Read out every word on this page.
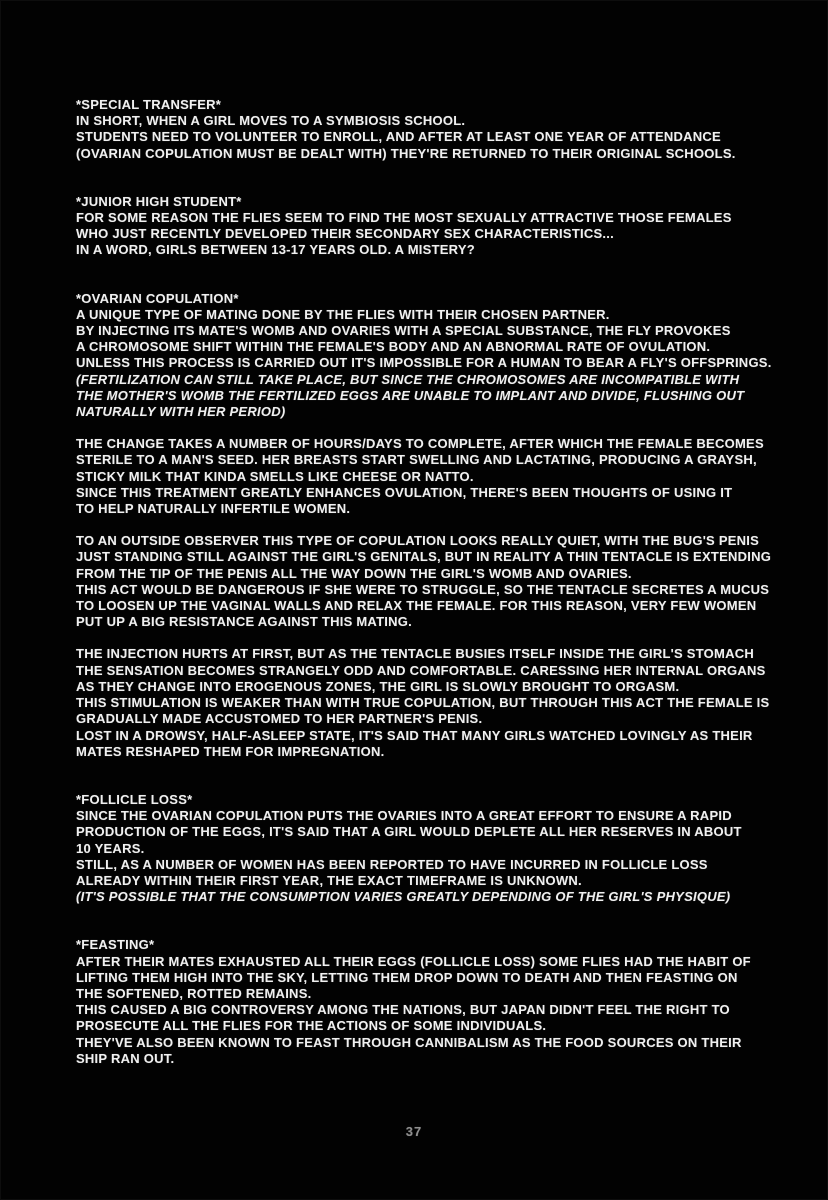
*SPECIAL TRANSFER*
IN SHORT, WHEN A GIRL MOVES TO A SYMBIOSIS SCHOOL.
STUDENTS NEED TO VOLUNTEER TO ENROLL, AND AFTER AT LEAST ONE YEAR OF ATTENDANCE
(OVARIAN COPULATION MUST BE DEALT WITH) THEY'RE RETURNED TO THEIR ORIGINAL SCHOOLS.
*JUNIOR HIGH STUDENT*
FOR SOME REASON THE FLIES SEEM TO FIND THE MOST SEXUALLY ATTRACTIVE THOSE FEMALES
WHO JUST RECENTLY DEVELOPED THEIR SECONDARY SEX CHARACTERISTICS...
IN A WORD, GIRLS BETWEEN 13-17 YEARS OLD. A MISTERY?
*OVARIAN COPULATION*
A UNIQUE TYPE OF MATING DONE BY THE FLIES WITH THEIR CHOSEN PARTNER.
BY INJECTING ITS MATE'S WOMB AND OVARIES WITH A SPECIAL SUBSTANCE, THE FLY PROVOKES
A CHROMOSOME SHIFT WITHIN THE FEMALE'S BODY AND AN ABNORMAL RATE OF OVULATION.
UNLESS THIS PROCESS IS CARRIED OUT IT'S IMPOSSIBLE FOR A HUMAN TO BEAR A FLY'S OFFSPRINGS.
(FERTILIZATION CAN STILL TAKE PLACE, BUT SINCE THE CHROMOSOMES ARE INCOMPATIBLE WITH
THE MOTHER'S WOMB THE FERTILIZED EGGS ARE UNABLE TO IMPLANT AND DIVIDE, FLUSHING OUT
NATURALLY WITH HER PERIOD)
THE CHANGE TAKES A NUMBER OF HOURS/DAYS TO COMPLETE, AFTER WHICH THE FEMALE BECOMES
STERILE TO A MAN'S SEED. HER BREASTS START SWELLING AND LACTATING, PRODUCING A GRAYSH,
STICKY MILK THAT KINDA SMELLS LIKE CHEESE OR NATTO.
SINCE THIS TREATMENT GREATLY ENHANCES OVULATION, THERE'S BEEN THOUGHTS OF USING IT
TO HELP NATURALLY INFERTILE WOMEN.
TO AN OUTSIDE OBSERVER THIS TYPE OF COPULATION LOOKS REALLY QUIET, WITH THE BUG'S PENIS
JUST STANDING STILL AGAINST THE GIRL'S GENITALS, BUT IN REALITY A THIN TENTACLE IS EXTENDING
FROM THE TIP OF THE PENIS ALL THE WAY DOWN THE GIRL'S WOMB AND OVARIES.
THIS ACT WOULD BE DANGEROUS IF SHE WERE TO STRUGGLE, SO THE TENTACLE SECRETES A MUCUS
TO LOOSEN UP THE VAGINAL WALLS AND RELAX THE FEMALE. FOR THIS REASON, VERY FEW WOMEN
PUT UP A BIG RESISTANCE AGAINST THIS MATING.
THE INJECTION HURTS AT FIRST, BUT AS THE TENTACLE BUSIES ITSELF INSIDE THE GIRL'S STOMACH
THE SENSATION BECOMES STRANGELY ODD AND COMFORTABLE. CARESSING HER INTERNAL ORGANS
AS THEY CHANGE INTO EROGENOUS ZONES, THE GIRL IS SLOWLY BROUGHT TO ORGASM.
THIS STIMULATION IS WEAKER THAN WITH TRUE COPULATION, BUT THROUGH THIS ACT THE FEMALE IS
GRADUALLY MADE ACCUSTOMED TO HER PARTNER'S PENIS.
LOST IN A DROWSY, HALF-ASLEEP STATE, IT'S SAID THAT MANY GIRLS WATCHED LOVINGLY AS THEIR
MATES RESHAPED THEM FOR IMPREGNATION.
*FOLLICLE LOSS*
SINCE THE OVARIAN COPULATION PUTS THE OVARIES INTO A GREAT EFFORT TO ENSURE A RAPID
PRODUCTION OF THE EGGS, IT'S SAID THAT A GIRL WOULD DEPLETE ALL HER RESERVES IN ABOUT
10 YEARS.
STILL, AS A NUMBER OF WOMEN HAS BEEN REPORTED TO HAVE INCURRED IN FOLLICLE LOSS
ALREADY WITHIN THEIR FIRST YEAR, THE EXACT TIMEFRAME IS UNKNOWN.
(IT'S POSSIBLE THAT THE CONSUMPTION VARIES GREATLY DEPENDING OF THE GIRL'S PHYSIQUE)
*FEASTING*
AFTER THEIR MATES EXHAUSTED ALL THEIR EGGS (FOLLICLE LOSS) SOME FLIES HAD THE HABIT OF
LIFTING THEM HIGH INTO THE SKY, LETTING THEM DROP DOWN TO DEATH AND THEN FEASTING ON
THE SOFTENED, ROTTED REMAINS.
THIS CAUSED A BIG CONTROVERSY AMONG THE NATIONS, BUT JAPAN DIDN'T FEEL THE RIGHT TO
PROSECUTE ALL THE FLIES FOR THE ACTIONS OF SOME INDIVIDUALS.
THEY'VE ALSO BEEN KNOWN TO FEAST THROUGH CANNIBALISM AS THE FOOD SOURCES ON THEIR
SHIP RAN OUT.
37
